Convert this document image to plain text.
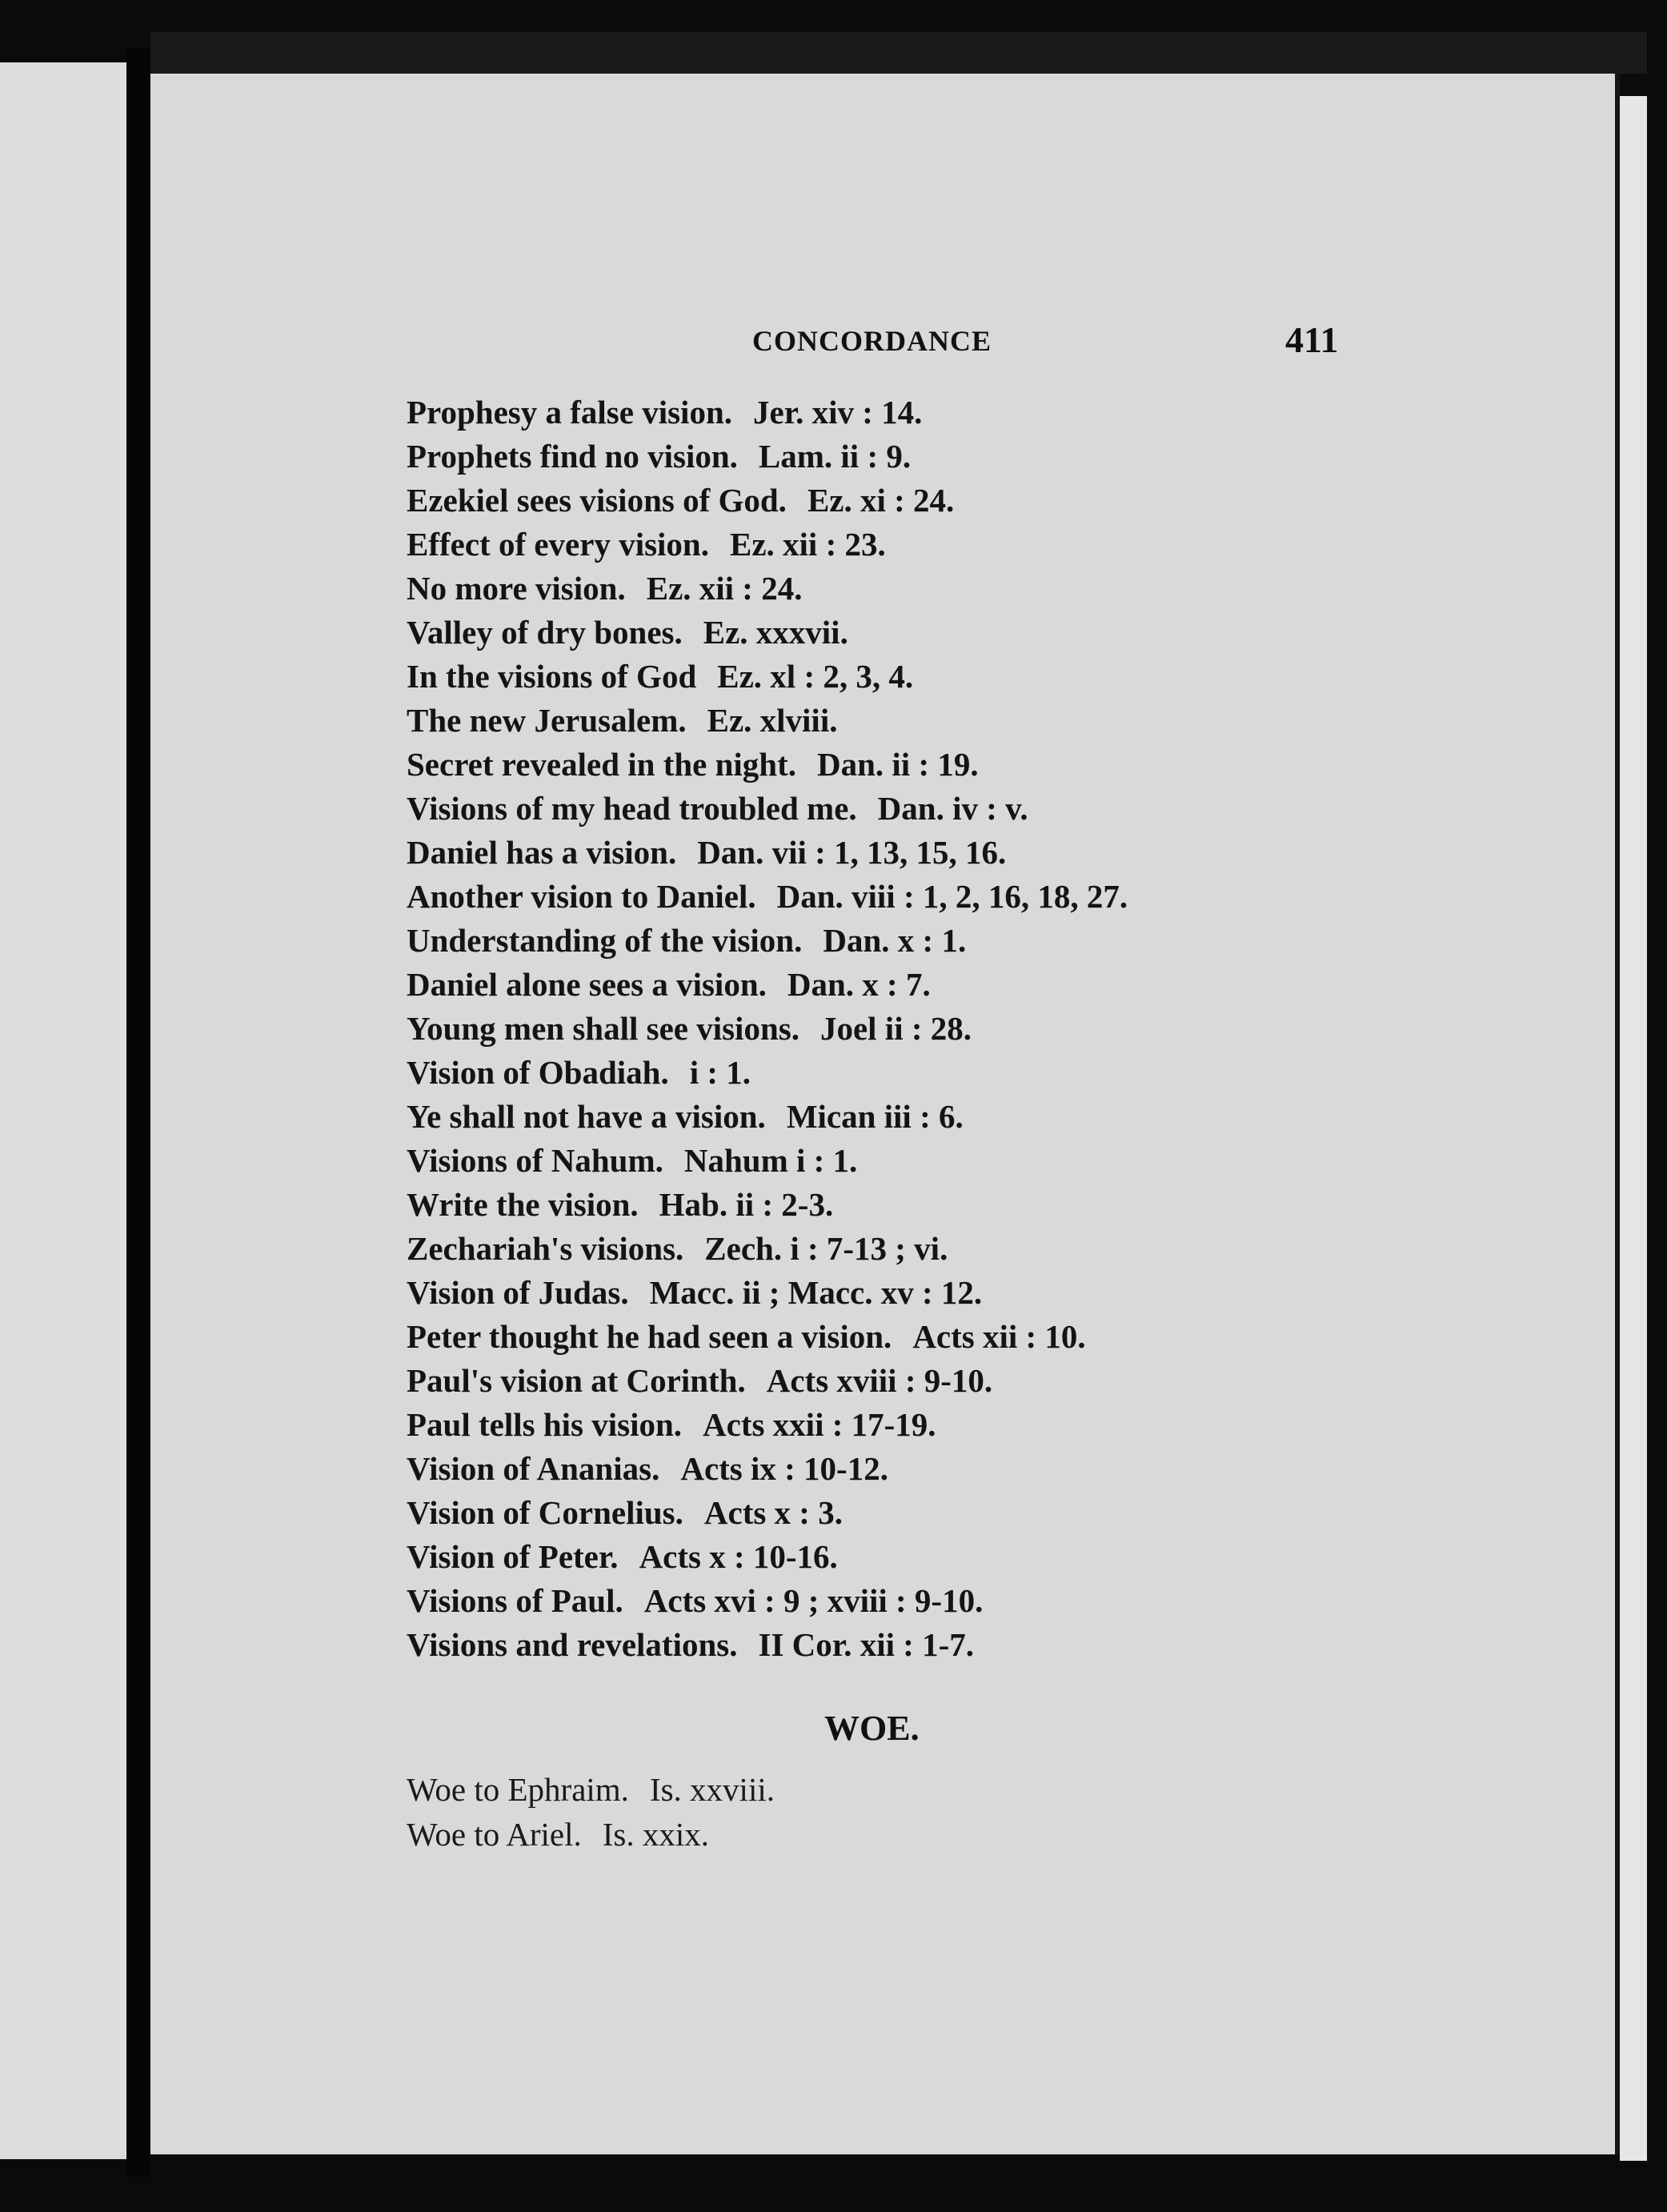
CONCORDANCE	411
Prophesy a false vision. Jer. xiv : 14.
Prophets find no vision. Lam. ii : 9.
Ezekiel sees visions of God. Ez. xi : 24.
Effect of every vision. Ez. xii : 23.
No more vision. Ez. xii : 24.
Valley of dry bones. Ez. xxxvii.
In the visions of God Ez. xl : 2, 3, 4.
The new Jerusalem. Ez. xlviii.
Secret revealed in the night. Dan. ii : 19.
Visions of my head troubled me. Dan. iv : v.
Daniel has a vision. Dan. vii : 1, 13, 15, 16.
Another vision to Daniel. Dan. viii : 1, 2, 16, 18, 27.
Understanding of the vision. Dan. x : 1.
Daniel alone sees a vision. Dan. x : 7.
Young men shall see visions. Joel ii : 28.
Vision of Obadiah. i : 1.
Ye shall not have a vision. Mican iii : 6.
Visions of Nahum. Nahum i : 1.
Write the vision. Hab. ii : 2-3.
Zechariah's visions. Zech. i : 7-13 ; vi.
Vision of Judas. Macc. ii ; Macc. xv : 12.
Peter thought he had seen a vision. Acts xii : 10.
Paul's vision at Corinth. Acts xviii : 9-10.
Paul tells his vision. Acts xxii : 17-19.
Vision of Ananias. Acts ix : 10-12.
Vision of Cornelius. Acts x : 3.
Vision of Peter. Acts x : 10-16.
Visions of Paul. Acts xvi : 9 ; xviii : 9-10.
Visions and revelations. II Cor. xii : 1-7.
WOE.
Woe to Ephraim. Is. xxviii.
Woe to Ariel. Is. xxix.
